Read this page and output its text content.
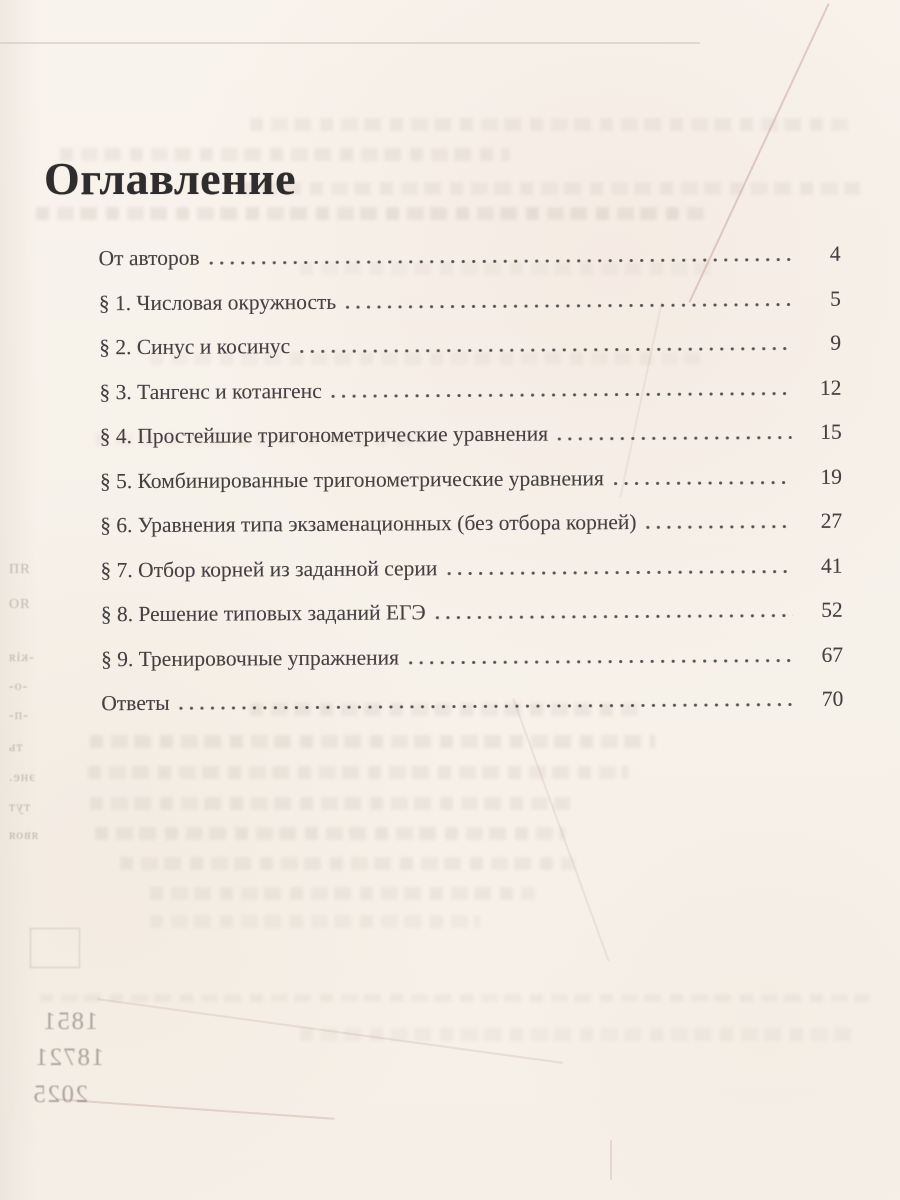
Оглавление
От авторов	4
§ 1. Числовая окружность	5
§ 2. Синус и косинус	9
§ 3. Тангенс и котангенс	12
§ 4. Простейшие тригонометрические уравнения	15
§ 5. Комбинированные тригонометрические уравнения	19
§ 6. Уравнения типа экзаменационных (без отбора корней)	27
§ 7. Отбор корней из заданной серии	41
§ 8. Решение типовых заданий ЕГЭ	52
§ 9. Тренировочные упражнения	67
Ответы	70
1851
18721
2025
ЯП
ЯО
-кія
-о-
-п-
ть
эне.
тут
явоя
